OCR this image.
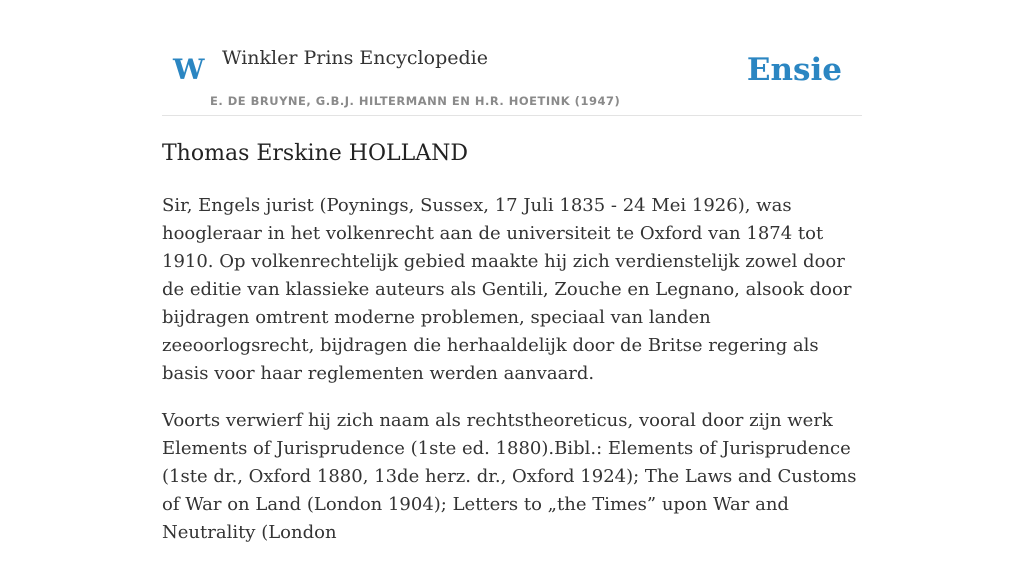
W Winkler Prins Encyclopedie
E. DE BRUYNE, G.B.J. HILTERMANN EN H.R. HOETINK (1947)
Ensie
Thomas Erskine HOLLAND

Sir, Engels jurist (Poynings, Sussex, 17 Juli 1835 - 24 Mei 1926), was hoogleraar in het volkenrecht aan de universiteit te Oxford van 1874 tot 1910. Op volkenrechtelijk gebied maakte hij zich verdienstelijk zowel door de editie van klassieke auteurs als Gentili, Zouche en Legnano, alsook door bijdragen omtrent moderne problemen, speciaal van landen zeeoorlogsrecht, bijdragen die herhaaldelijk door de Britse regering als basis voor haar reglementen werden aanvaard.

Voorts verwierf hij zich naam als rechtstheoreticus, vooral door zijn werk Elements of Jurisprudence (1ste ed. 1880).Bibl.: Elements of Jurisprudence (1ste dr., Oxford 1880, 13de herz. dr., Oxford 1924); The Laws and Customs of War on Land (London 1904); Letters to „the Times” upon War and Neutrality (London
